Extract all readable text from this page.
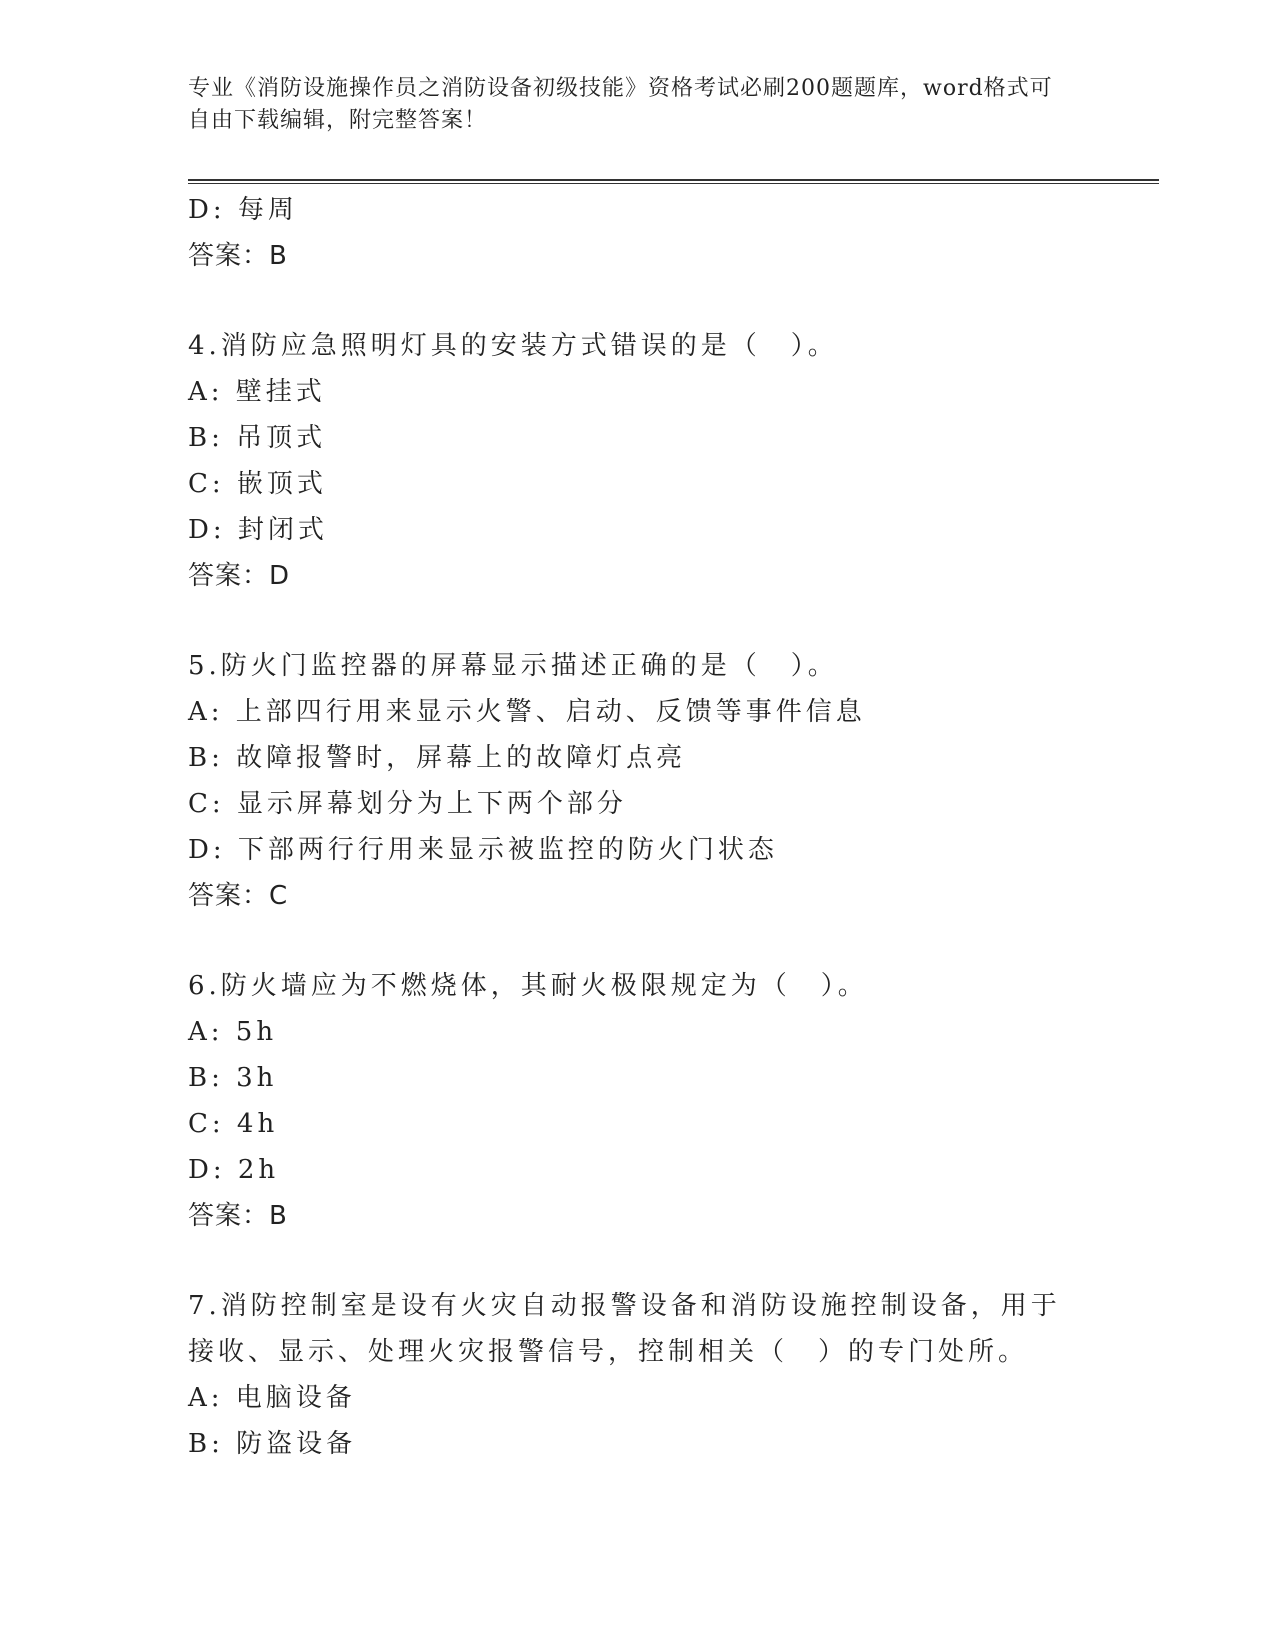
专业《消防设施操作员之消防设备初级技能》资格考试必刷200题题库，word格式可自由下载编辑，附完整答案！
D: 每周
答案：B
4.消防应急照明灯具的安装方式错误的是（　）。
A: 壁挂式
B: 吊顶式
C: 嵌顶式
D: 封闭式
答案：D
5.防火门监控器的屏幕显示描述正确的是（　）。
A: 上部四行用来显示火警、启动、反馈等事件信息
B: 故障报警时，屏幕上的故障灯点亮
C: 显示屏幕划分为上下两个部分
D: 下部两行行用来显示被监控的防火门状态
答案：C
6.防火墙应为不燃烧体，其耐火极限规定为（　）。
A: 5h
B: 3h
C: 4h
D: 2h
答案：B
7.消防控制室是设有火灾自动报警设备和消防设施控制设备，用于接收、显示、处理火灾报警信号，控制相关（　）的专门处所。
A: 电脑设备
B: 防盗设备
